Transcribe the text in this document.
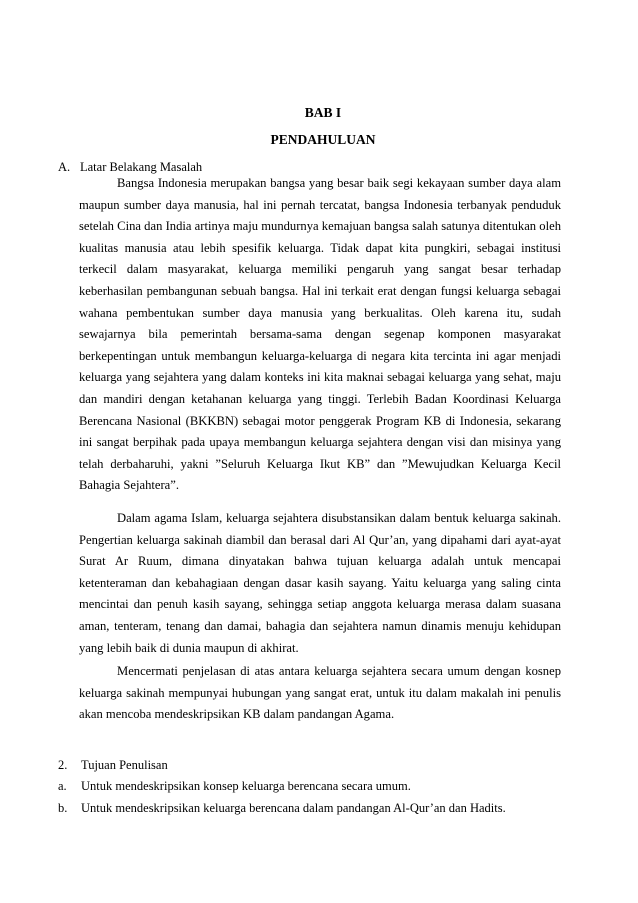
BAB I
PENDAHULUAN
A. Latar Belakang Masalah

Bangsa Indonesia merupakan bangsa yang besar baik segi kekayaan sumber daya alam maupun sumber daya manusia, hal ini pernah tercatat, bangsa Indonesia terbanyak penduduk setelah Cina dan India artinya maju mundurnya kemajuan bangsa salah satunya ditentukan oleh kualitas manusia atau lebih spesifik keluarga. Tidak dapat kita pungkiri, sebagai institusi terkecil dalam masyarakat, keluarga memiliki pengaruh yang sangat besar terhadap keberhasilan pembangunan sebuah bangsa. Hal ini terkait erat dengan fungsi keluarga sebagai wahana pembentukan sumber daya manusia yang berkualitas. Oleh karena itu, sudah sewajarnya bila pemerintah bersama-sama dengan segenap komponen masyarakat berkepentingan untuk membangun keluarga-keluarga di negara kita tercinta ini agar menjadi keluarga yang sejahtera yang dalam konteks ini kita maknai sebagai keluarga yang sehat, maju dan mandiri dengan ketahanan keluarga yang tinggi. Terlebih Badan Koordinasi Keluarga Berencana Nasional (BKKBN) sebagai motor penggerak Program KB di Indonesia, sekarang ini sangat berpihak pada upaya membangun keluarga sejahtera dengan visi dan misinya yang telah derbaharuhi, yakni ”Seluruh Keluarga Ikut KB” dan ”Mewujudkan Keluarga Kecil Bahagia Sejahtera”.

Dalam agama Islam, keluarga sejahtera disubstansikan dalam bentuk keluarga sakinah. Pengertian keluarga sakinah diambil dan berasal dari Al Qur’an, yang dipahami dari ayat-ayat Surat Ar Ruum, dimana dinyatakan bahwa tujuan keluarga adalah untuk mencapai ketenteraman dan kebahagiaan dengan dasar kasih sayang. Yaitu keluarga yang saling cinta mencintai dan penuh kasih sayang, sehingga setiap anggota keluarga merasa dalam suasana aman, tenteram, tenang dan damai, bahagia dan sejahtera namun dinamis menuju kehidupan yang lebih baik di dunia maupun di akhirat.

Mencermati penjelasan di atas antara keluarga sejahtera secara umum dengan kosnep keluarga sakinah mempunyai hubungan yang sangat erat, untuk itu dalam makalah ini penulis akan mencoba mendeskripsikan KB dalam pandangan Agama.

2. Tujuan Penulisan
a. Untuk mendeskripsikan konsep keluarga berencana secara umum.
b. Untuk mendeskripsikan keluarga berencana dalam pandangan Al-Qur’an dan Hadits.
